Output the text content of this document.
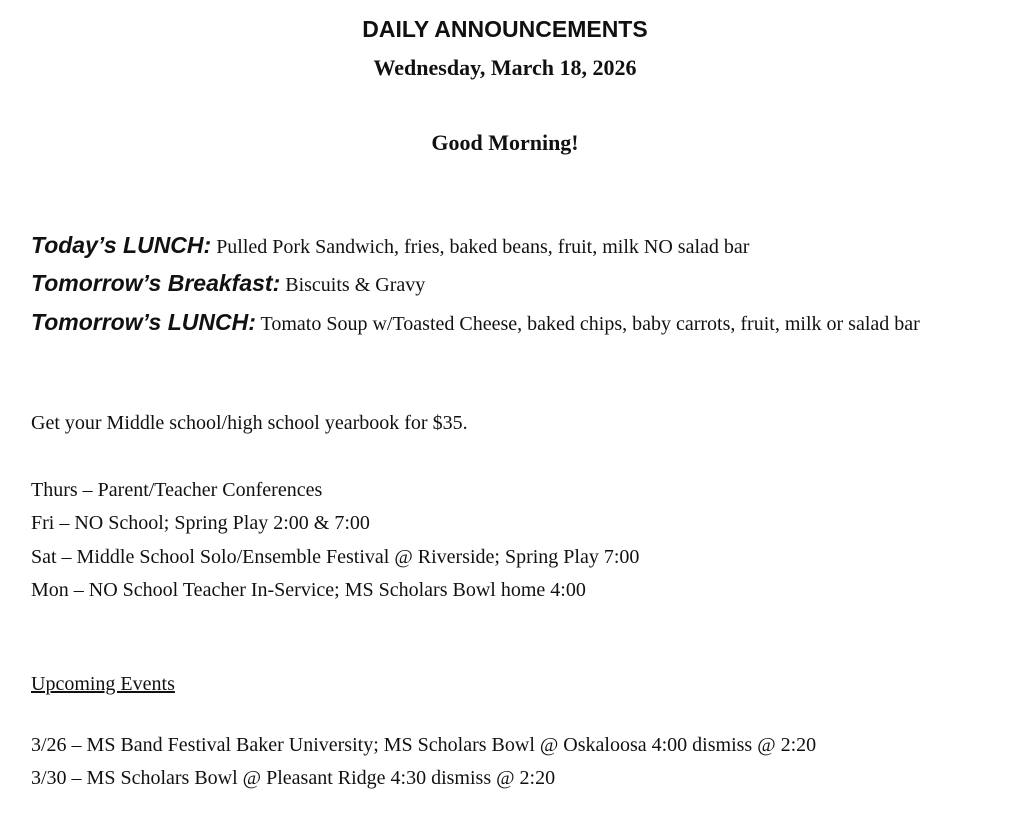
DAILY ANNOUNCEMENTS
Wednesday, March 18, 2026
Good Morning!
Today’s LUNCH: Pulled Pork Sandwich, fries, baked beans, fruit, milk NO salad bar
Tomorrow’s Breakfast: Biscuits & Gravy
Tomorrow’s LUNCH: Tomato Soup w/Toasted Cheese, baked chips, baby carrots, fruit, milk or salad bar
Get your Middle school/high school yearbook for $35.
Thurs – Parent/Teacher Conferences
Fri – NO School; Spring Play 2:00 & 7:00
Sat – Middle School Solo/Ensemble Festival @ Riverside; Spring Play 7:00
Mon – NO School Teacher In-Service; MS Scholars Bowl home 4:00
Upcoming Events
3/26 – MS Band Festival Baker University; MS Scholars Bowl @ Oskaloosa 4:00 dismiss @ 2:20
3/30 – MS Scholars Bowl @ Pleasant Ridge 4:30 dismiss @ 2:20
